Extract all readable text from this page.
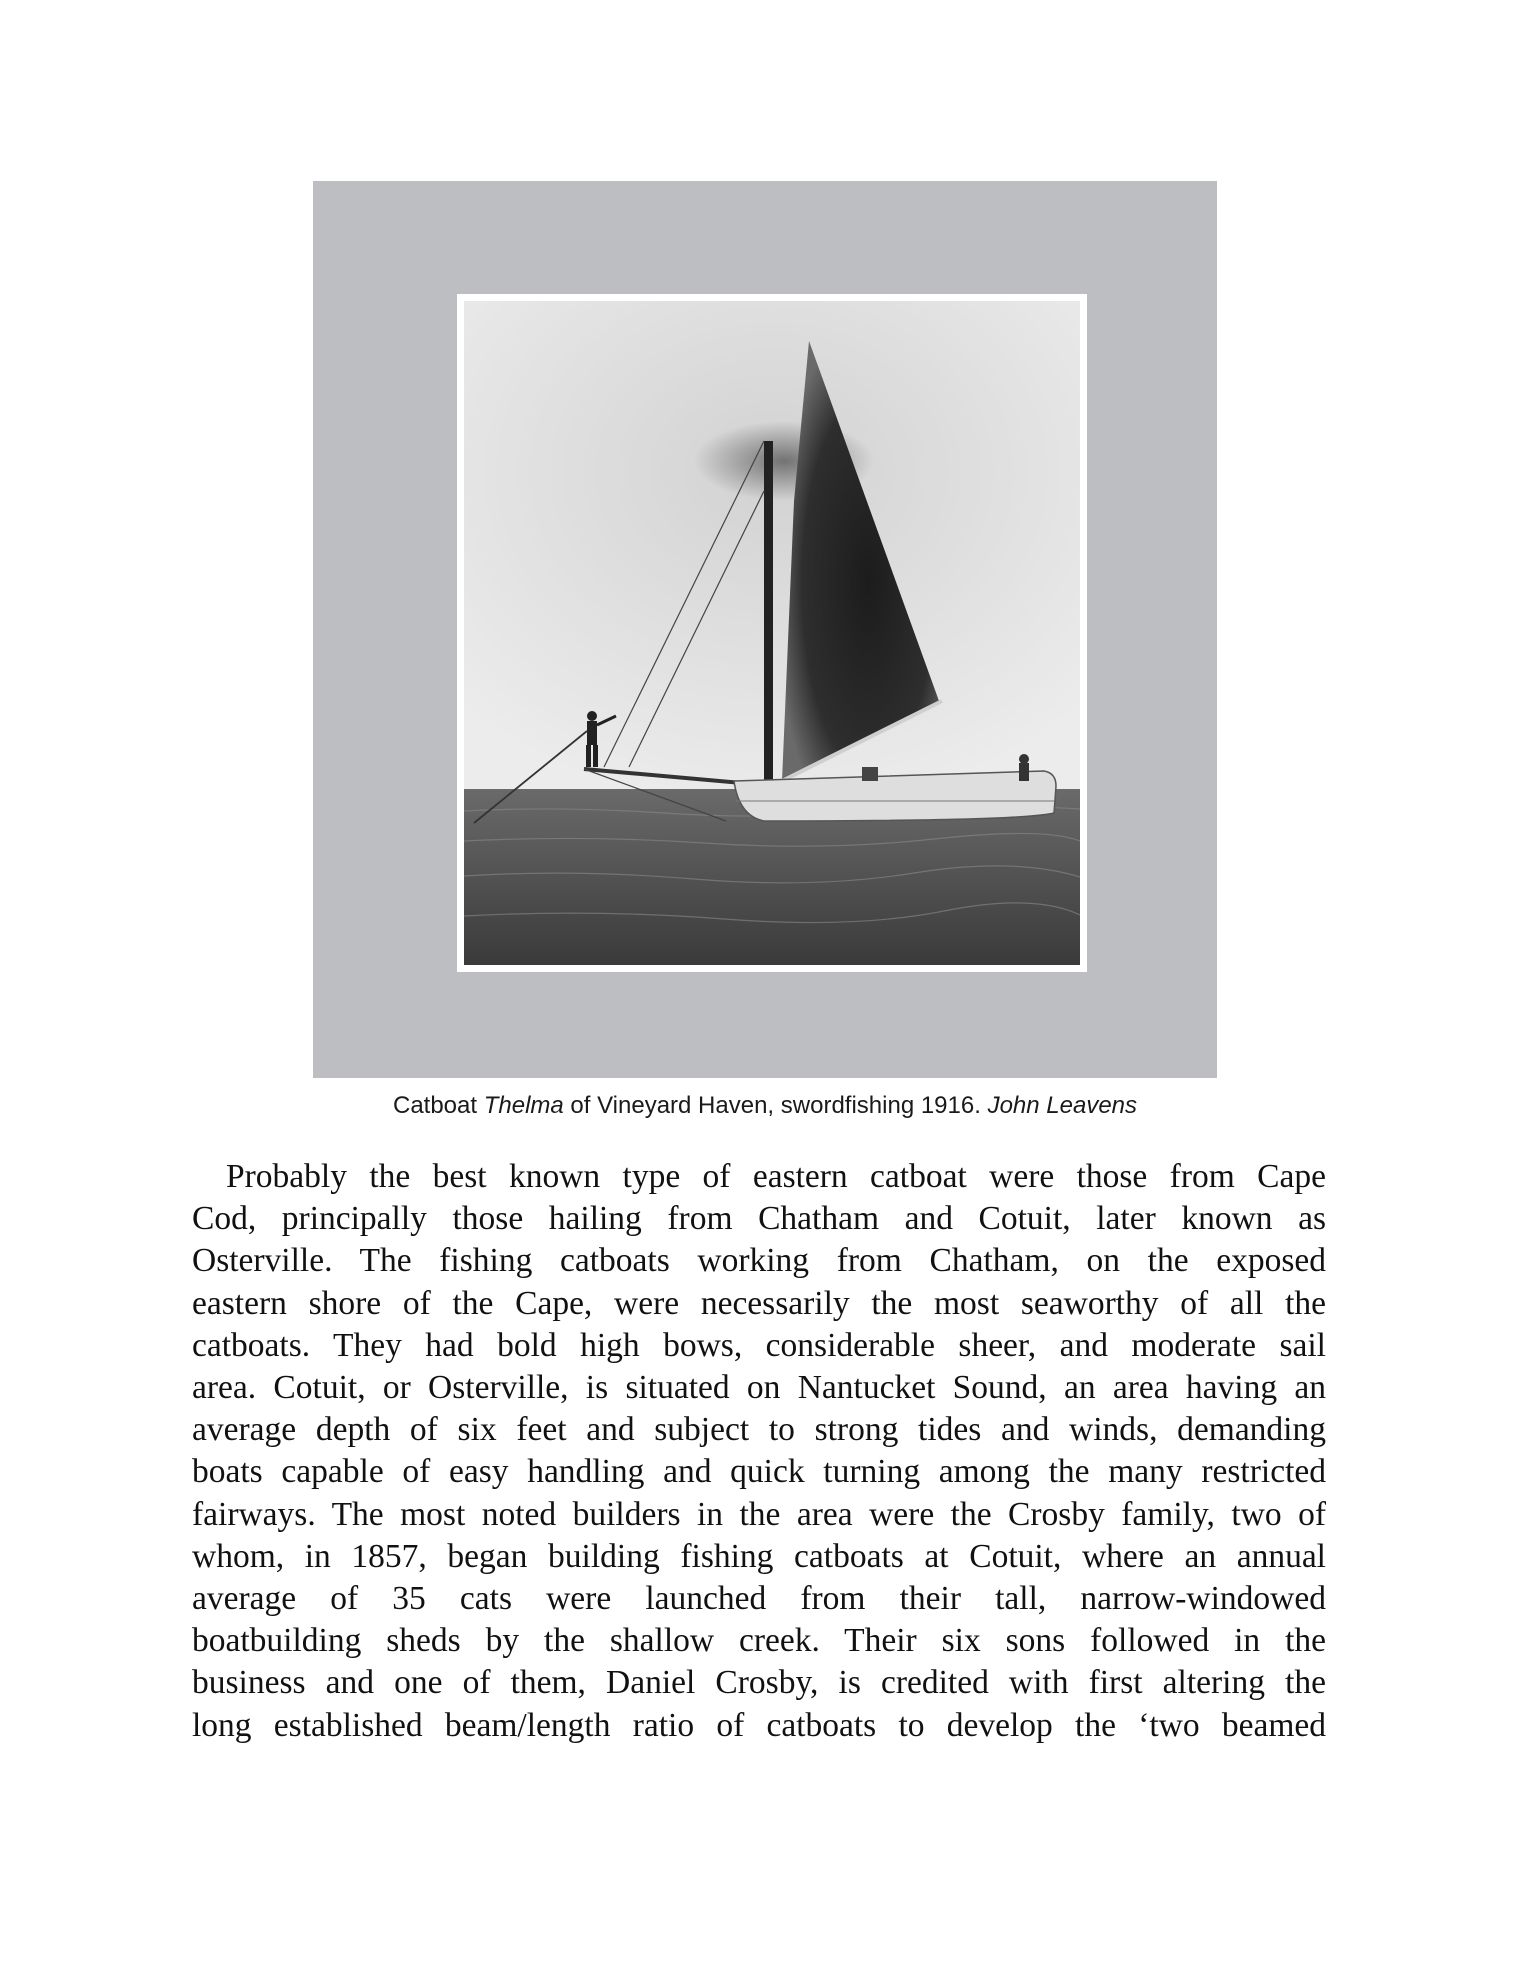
Catboat Thelma of Vineyard Haven, swordfishing 1916. John Leavens
Probably the best known type of eastern catboat were those from Cape
Cod, principally those hailing from Chatham and Cotuit, later known as
Osterville. The fishing catboats working from Chatham, on the exposed
eastern shore of the Cape, were necessarily the most seaworthy of all the
catboats. They had bold high bows, considerable sheer, and moderate sail
area. Cotuit, or Osterville, is situated on Nantucket Sound, an area having an
average depth of six feet and subject to strong tides and winds, demanding
boats capable of easy handling and quick turning among the many restricted
fairways. The most noted builders in the area were the Crosby family, two of
whom, in 1857, began building fishing catboats at Cotuit, where an annual
average of 35 cats were launched from their tall, narrow-windowed
boatbuilding sheds by the shallow creek. Their six sons followed in the
business and one of them, Daniel Crosby, is credited with first altering the
long established beam/length ratio of catboats to develop the ‘two beamed
